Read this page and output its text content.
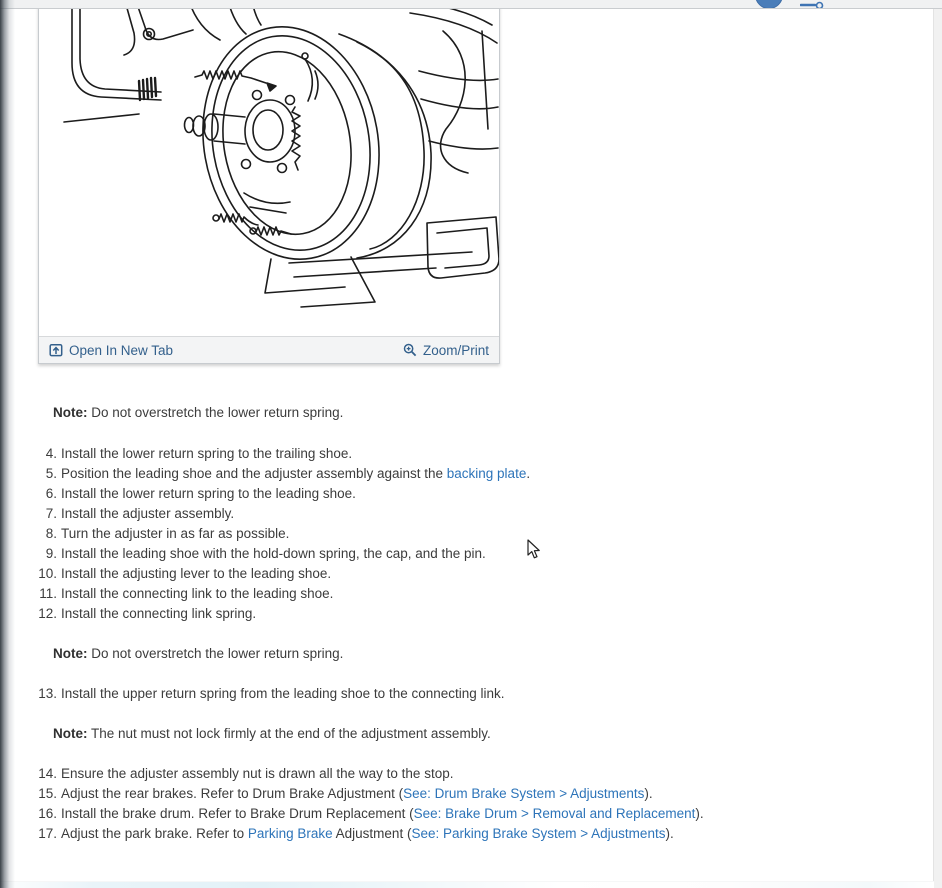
Open In New Tab	Zoom/Print
Note: Do not overstretch the lower return spring.
Note: Do not overstretch the lower return spring.
Note: The nut must not lock firmly at the end of the adjustment assembly.
4. Install the lower return spring to the trailing shoe.
5. Position the leading shoe and the adjuster assembly against the backing plate.
6. Install the lower return spring to the leading shoe.
7. Install the adjuster assembly.
8. Turn the adjuster in as far as possible.
9. Install the leading shoe with the hold-down spring, the cap, and the pin.
10. Install the adjusting lever to the leading shoe.
11. Install the connecting link to the leading shoe.
12. Install the connecting link spring.
13. Install the upper return spring from the leading shoe to the connecting link.
14. Ensure the adjuster assembly nut is drawn all the way to the stop.
15. Adjust the rear brakes. Refer to Drum Brake Adjustment (See: Drum Brake System > Adjustments).
16. Install the brake drum. Refer to Brake Drum Replacement (See: Brake Drum > Removal and Replacement).
17. Adjust the park brake. Refer to Parking Brake Adjustment (See: Parking Brake System > Adjustments).
